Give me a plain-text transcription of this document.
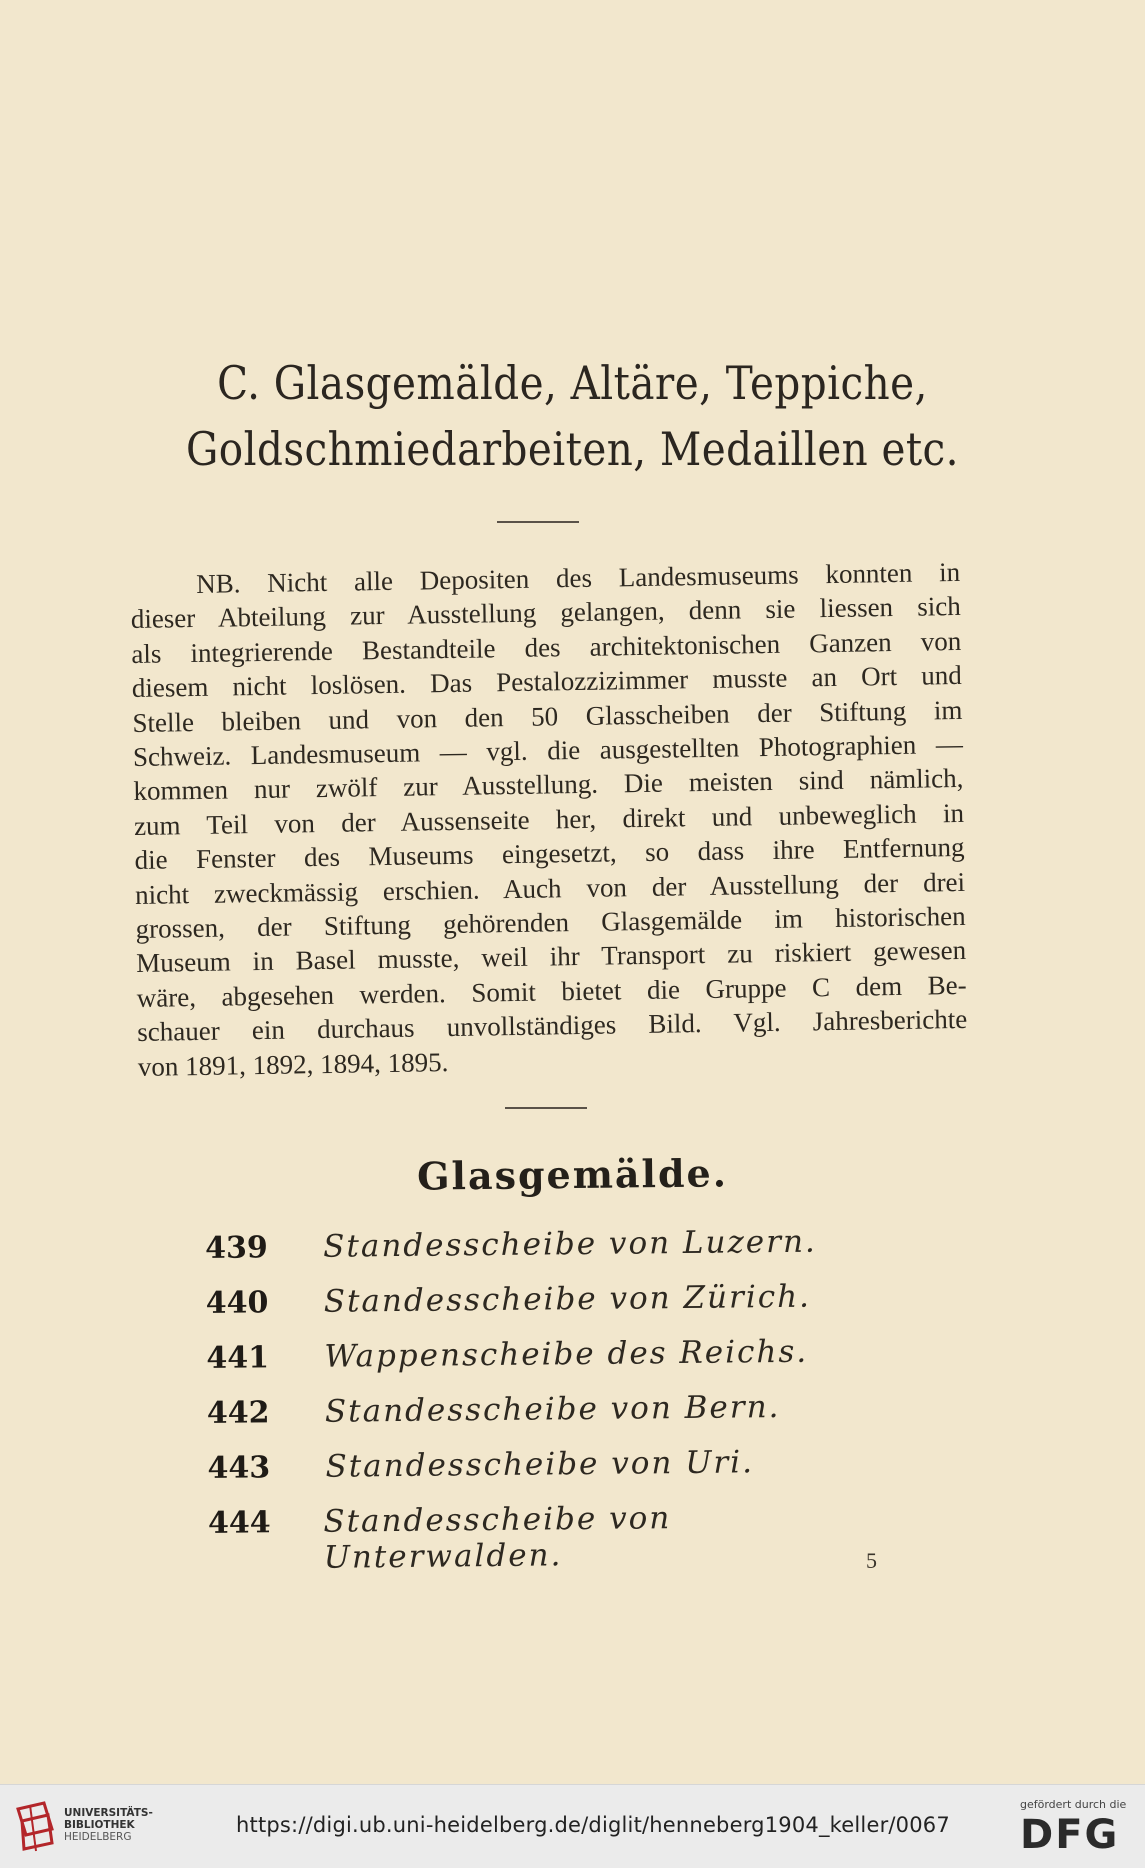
C. Glasgemälde, Altäre, Teppiche,
Goldschmiedarbeiten, Medaillen etc.
NB. Nicht alle Depositen des Landesmuseums konnten in
dieser Abteilung zur Ausstellung gelangen, denn sie liessen sich
als integrierende Bestandteile des architektonischen Ganzen von
diesem nicht loslösen. Das Pestalozzizimmer musste an Ort und
Stelle bleiben und von den 50 Glasscheiben der Stiftung im
Schweiz. Landesmuseum — vgl. die ausgestellten Photographien —
kommen nur zwölf zur Ausstellung. Die meisten sind nämlich,
zum Teil von der Aussenseite her, direkt und unbeweglich in
die Fenster des Museums eingesetzt, so dass ihre Entfernung
nicht zweckmässig erschien. Auch von der Ausstellung der drei
grossen, der Stiftung gehörenden Glasgemälde im historischen
Museum in Basel musste, weil ihr Transport zu riskiert gewesen
wäre, abgesehen werden. Somit bietet die Gruppe C dem Be-
schauer ein durchaus unvollständiges Bild. Vgl. Jahresberichte
von 1891, 1892, 1894, 1895.
Glasgemälde.
439	Standesscheibe von Luzern.
440	Standesscheibe von Zürich.
441	Wappenscheibe des Reichs.
442	Standesscheibe von Bern.
443	Standesscheibe von Uri.
444	Standesscheibe von Unterwalden.	5
UNIVERSITÄTS-
BIBLIOTHEK
HEIDELBERG	https://digi.ub.uni-heidelberg.de/diglit/henneberg1904_keller/0067
gefördert durch die
DFG
